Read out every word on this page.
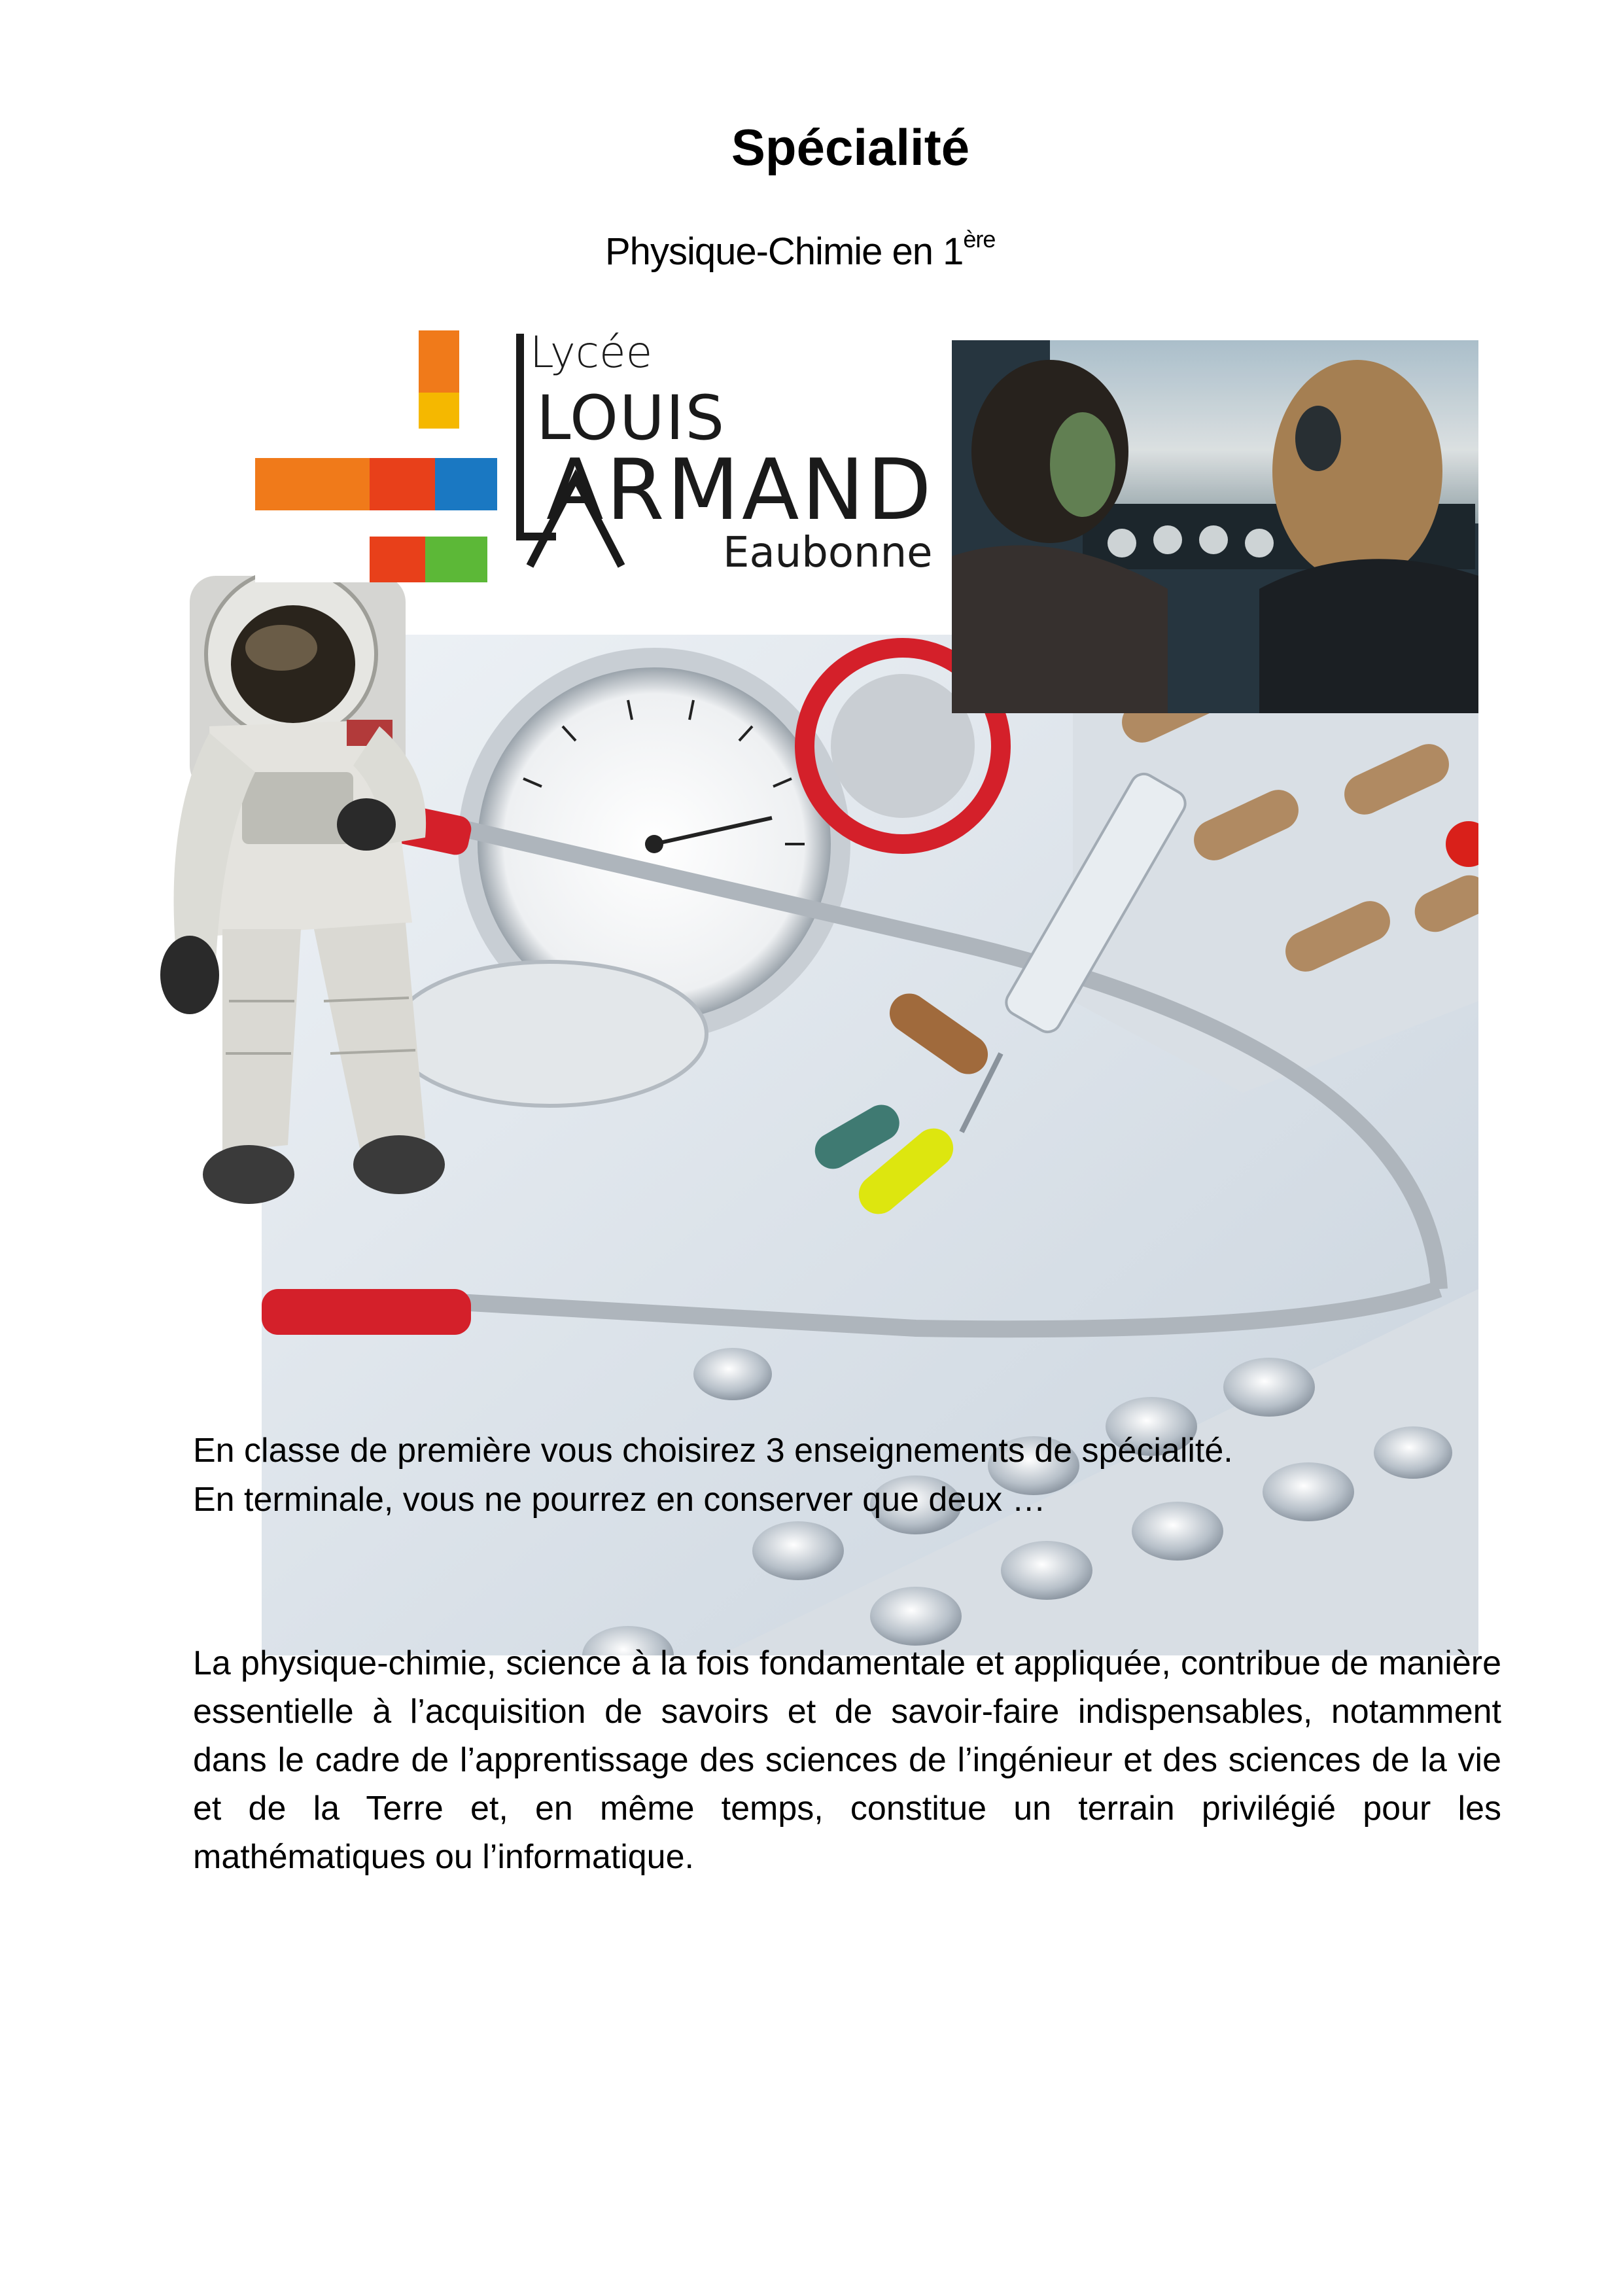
Spécialité
Physique-Chimie en 1ère
Lycée
LOUIS
ARMAND
Eaubonne

En classe de première vous choisirez 3 enseignements de spécialité.

En terminale, vous ne pourrez en conserver que deux …

La physique-chimie, science à la fois fondamentale et appliquée, contribue de manière essentielle à l’acquisition de savoirs et de savoir-faire indispensables, notamment dans le cadre de l’apprentissage des sciences de l’ingénieur et des sciences de la vie et de la Terre et, en même temps, constitue un terrain privilégié pour les mathématiques ou l’informatique.
